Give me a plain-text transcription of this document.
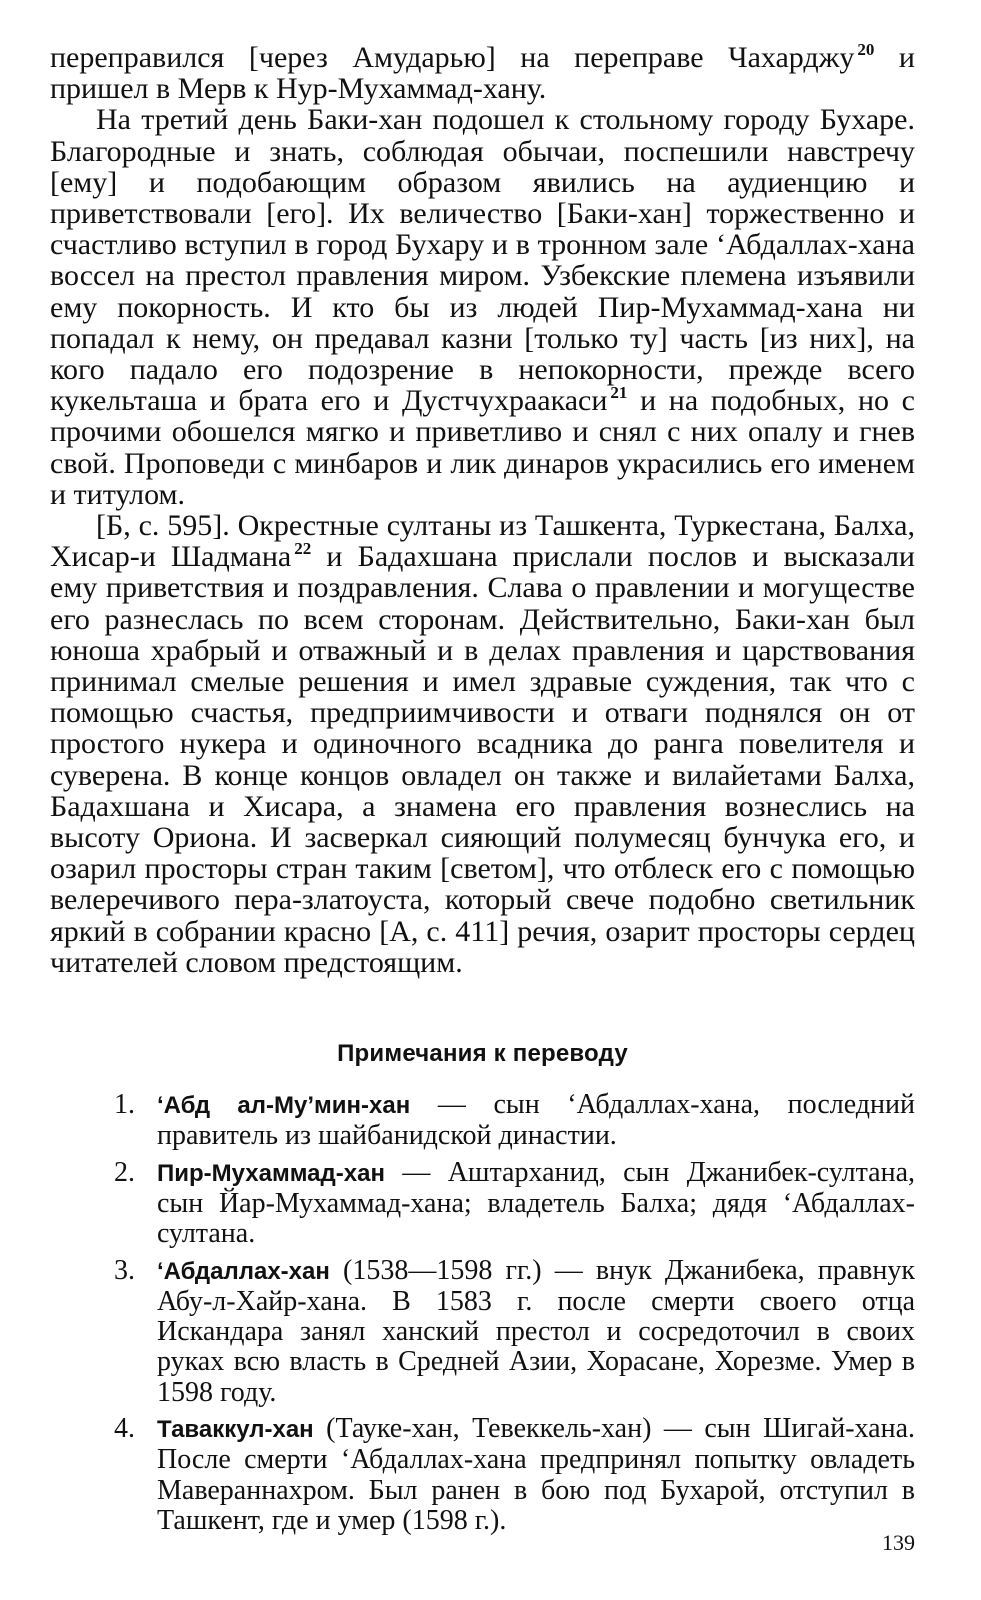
переправился [через Амударью] на переправе Чахарджу $^{20}$ и пришел в Мерв к Нур-Мухаммад-хану.

На третий день Баки-хан подошел к стольному городу Бухаре. Благородные и знать, соблюдая обычаи, поспешили навстречу [ему] и подобающим образом явились на аудиенцию и приветствовали [его]. Их величество [Баки-хан] торжественно и счастливо вступил в город Бухару и в тронном зале ‘Абдаллах-хана воссел на престол правления миром. Узбекские племена изъявили ему покорность. И кто бы из людей Пир-Мухаммад-хана ни попадал к нему, он предавал казни [только ту] часть [из них], на кого падало его подозрение в непокорности, прежде всего кукельташа и брата его и Дустчухраакаси $^{21}$ и на подобных, но с прочими обошелся мягко и приветливо и снял с них опалу и гнев свой. Проповеди с минбаров и лик динаров украсились его именем и титулом.

[Б, с. 595]. Окрестные султаны из Ташкента, Туркестана, Балха, Хисар-и Шадмана $^{22}$ и Бадахшана прислали послов и высказали ему приветствия и поздравления. Слава о правлении и могуществе его разнеслась по всем сторонам. Действительно, Баки-хан был юноша храбрый и отважный и в делах правления и царствования принимал смелые решения и имел здравые суждения, так что с помощью счастья, предприимчивости и отваги поднялся он от простого нукера и одиночного всадника до ранга повелителя и суверена. В конце концов овладел он также и вилайетами Балха, Бадахшана и Хисара, а знамена его правления вознеслись на высоту Ориона. И засверкал сияющий полумесяц бунчука его, и озарил просторы стран таким [светом], что отблеск его с помощью велеречивого пера-златоуста, который свече подобно светильник яркий в собрании красно [А, с. 411] речия, озарит просторы сердец читателей словом предстоящим.

Примечания к переводу
1. ‘Абд ал-Му’мин-хан — сын ‘Абдаллах-хана, последний правитель из шайбанидской династии.
2. Пир-Мухаммад-хан — Аштарханид, сын Джанибек-султана, сын Йар-Мухаммад-хана; владетель Балха; дядя ‘Абдаллах-султана.
3. ‘Абдаллах-хан (1538—1598 гг.) — внук Джанибека, правнук Абу-л-Хайр-хана. В 1583 г. после смерти своего отца Искандара занял ханский престол и сосредоточил в своих руках всю власть в Средней Азии, Хорасане, Хорезме. Умер в 1598 году.
4. Таваккул-хан (Тауке-хан, Тевеккель-хан) — сын Шигай-хана. После смерти ‘Абдаллах-хана предпринял попытку овладеть Мавераннахром. Был ранен в бою под Бухарой, отступил в Ташкент, где и умер (1598 г.).
139
